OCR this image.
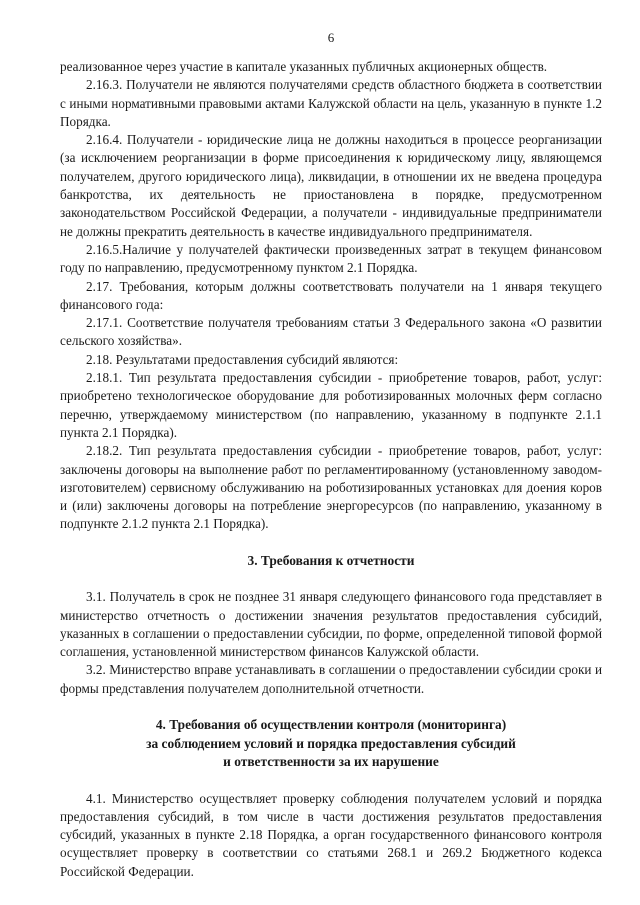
6

реализованное через участие в капитале указанных публичных акционерных обществ.

2.16.3. Получатели не являются получателями средств областного бюджета в соответствии с иными нормативными правовыми актами Калужской области на цель, указанную в пункте 1.2 Порядка.

2.16.4. Получатели - юридические лица не должны находиться в процессе реорганизации (за исключением реорганизации в форме присоединения к юридическому лицу, являющемся получателем, другого юридического лица), ликвидации, в отношении их не введена процедура банкротства, их деятельность не приостановлена в порядке, предусмотренном законодательством Российской Федерации, а получатели - индивидуальные предприниматели не должны прекратить деятельность в качестве индивидуального предпринимателя.

2.16.5.Наличие у получателей фактически произведенных затрат в текущем финансовом году по направлению, предусмотренному пунктом 2.1 Порядка.

2.17. Требования, которым должны соответствовать получатели на 1 января текущего финансового года:

2.17.1. Соответствие получателя требованиям статьи 3 Федерального закона «О развитии сельского хозяйства».

2.18. Результатами предоставления субсидий являются:

2.18.1. Тип результата предоставления субсидии - приобретение товаров, работ, услуг: приобретено технологическое оборудование для роботизированных молочных ферм согласно перечню, утверждаемому министерством (по направлению, указанному в подпункте 2.1.1 пункта 2.1 Порядка).

2.18.2. Тип результата предоставления субсидии - приобретение товаров, работ, услуг: заключены договоры на выполнение работ по регламентированному (установленному заводом-изготовителем) сервисному обслуживанию на роботизированных установках для доения коров и (или) заключены договоры на потребление энергоресурсов (по направлению, указанному в подпункте 2.1.2 пункта 2.1 Порядка).

3. Требования к отчетности

3.1. Получатель в срок не позднее 31 января следующего финансового года представляет в министерство отчетность о достижении значения результатов предоставления субсидий, указанных в соглашении о предоставлении субсидии, по форме, определенной типовой формой соглашения, установленной министерством финансов Калужской области.

3.2. Министерство вправе устанавливать в соглашении о предоставлении субсидии сроки и формы представления получателем дополнительной отчетности.

4. Требования об осуществлении контроля (мониторинга)

за соблюдением условий и порядка предоставления субсидий

и ответственности за их нарушение

4.1. Министерство осуществляет проверку соблюдения получателем условий и порядка предоставления субсидий, в том числе в части достижения результатов предоставления субсидий, указанных в пункте 2.18 Порядка, а орган государственного финансового контроля осуществляет проверку в соответствии со статьями 268.1 и 269.2 Бюджетного кодекса Российской Федерации.
